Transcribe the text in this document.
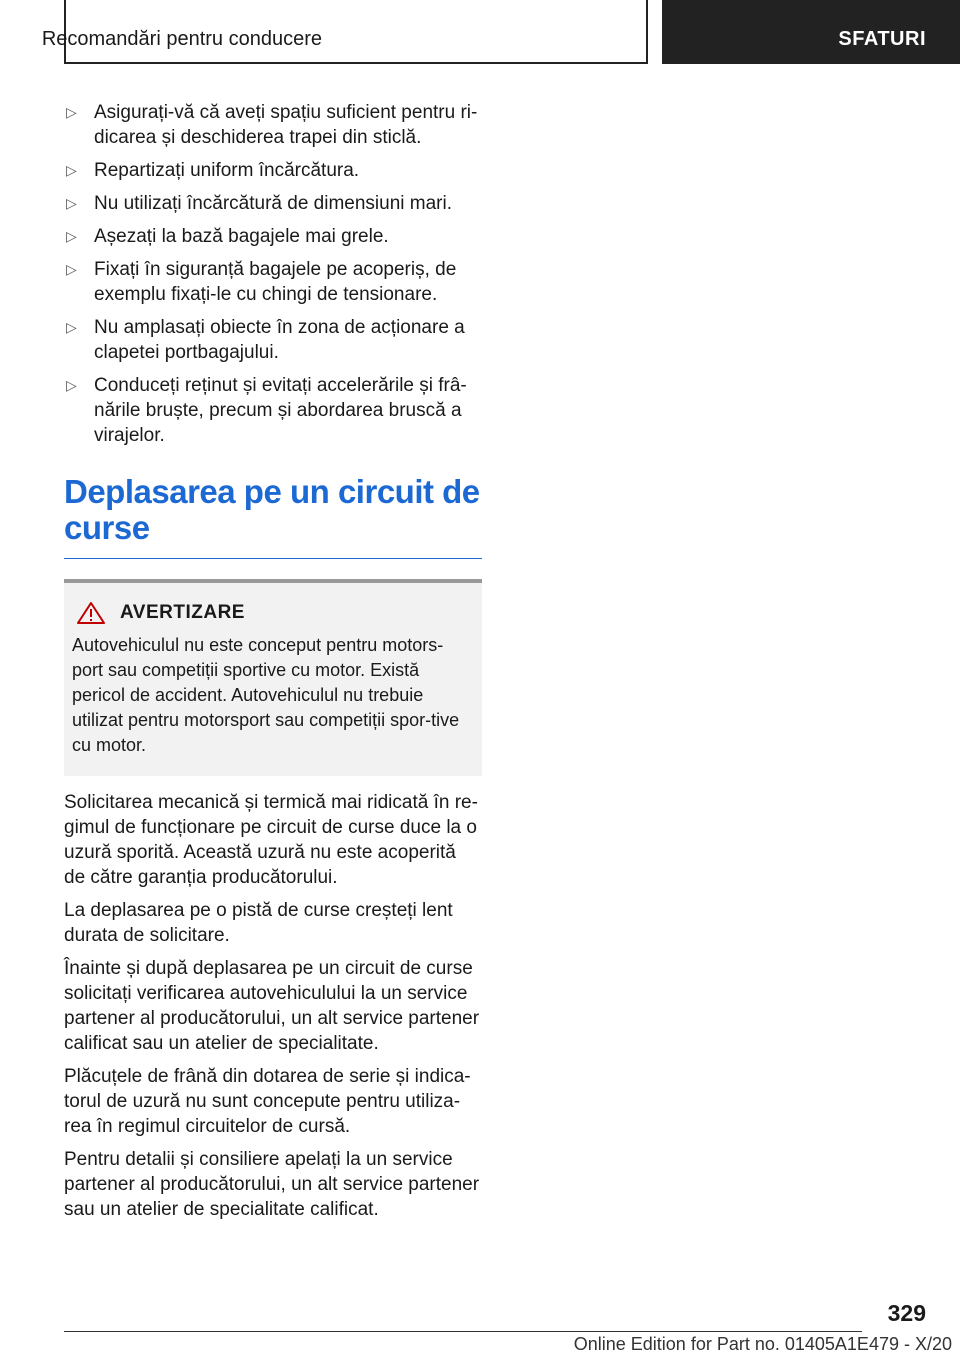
Recomandări pentru conducere	SFATURI
▷ Asigurați-vă că aveți spațiu suficient pentru ri-dicarea și deschiderea trapei din sticlă.
▷ Repartizați uniform încărcătura.
▷ Nu utilizați încărcătură de dimensiuni mari.
▷ Așezați la bază bagajele mai grele.
▷ Fixați în siguranță bagajele pe acoperiș, de exemplu fixați-le cu chingi de tensionare.
▷ Nu amplasați obiecte în zona de acționare a clapetei portbagajului.
▷ Conduceți reținut și evitați accelerările și frâ-nările bruște, precum și abordarea bruscă a virajelor.
Deplasarea pe un circuit de curse
AVERTIZARE
Autovehiculul nu este conceput pentru motors-port sau competiții sportive cu motor. Există pericol de accident. Autovehiculul nu trebuie utilizat pentru motorsport sau competiții spor-tive cu motor.

Solicitarea mecanică și termică mai ridicată în re-gimul de funcționare pe circuit de curse duce la o uzură sporită. Această uzură nu este acoperită de către garanția producătorului.

La deplasarea pe o pistă de curse creșteți lent durata de solicitare.

Înainte și după deplasarea pe un circuit de curse solicitați verificarea autovehiculului la un service partener al producătorului, un alt service partener calificat sau un atelier de specialitate.

Plăcuțele de frână din dotarea de serie și indica-torul de uzură nu sunt concepute pentru utiliza-rea în regimul circuitelor de cursă.

Pentru detalii și consiliere apelați la un service partener al producătorului, un alt service partener sau un atelier de specialitate calificat.

329
Online Edition for Part no. 01405A1E479 - X/20
